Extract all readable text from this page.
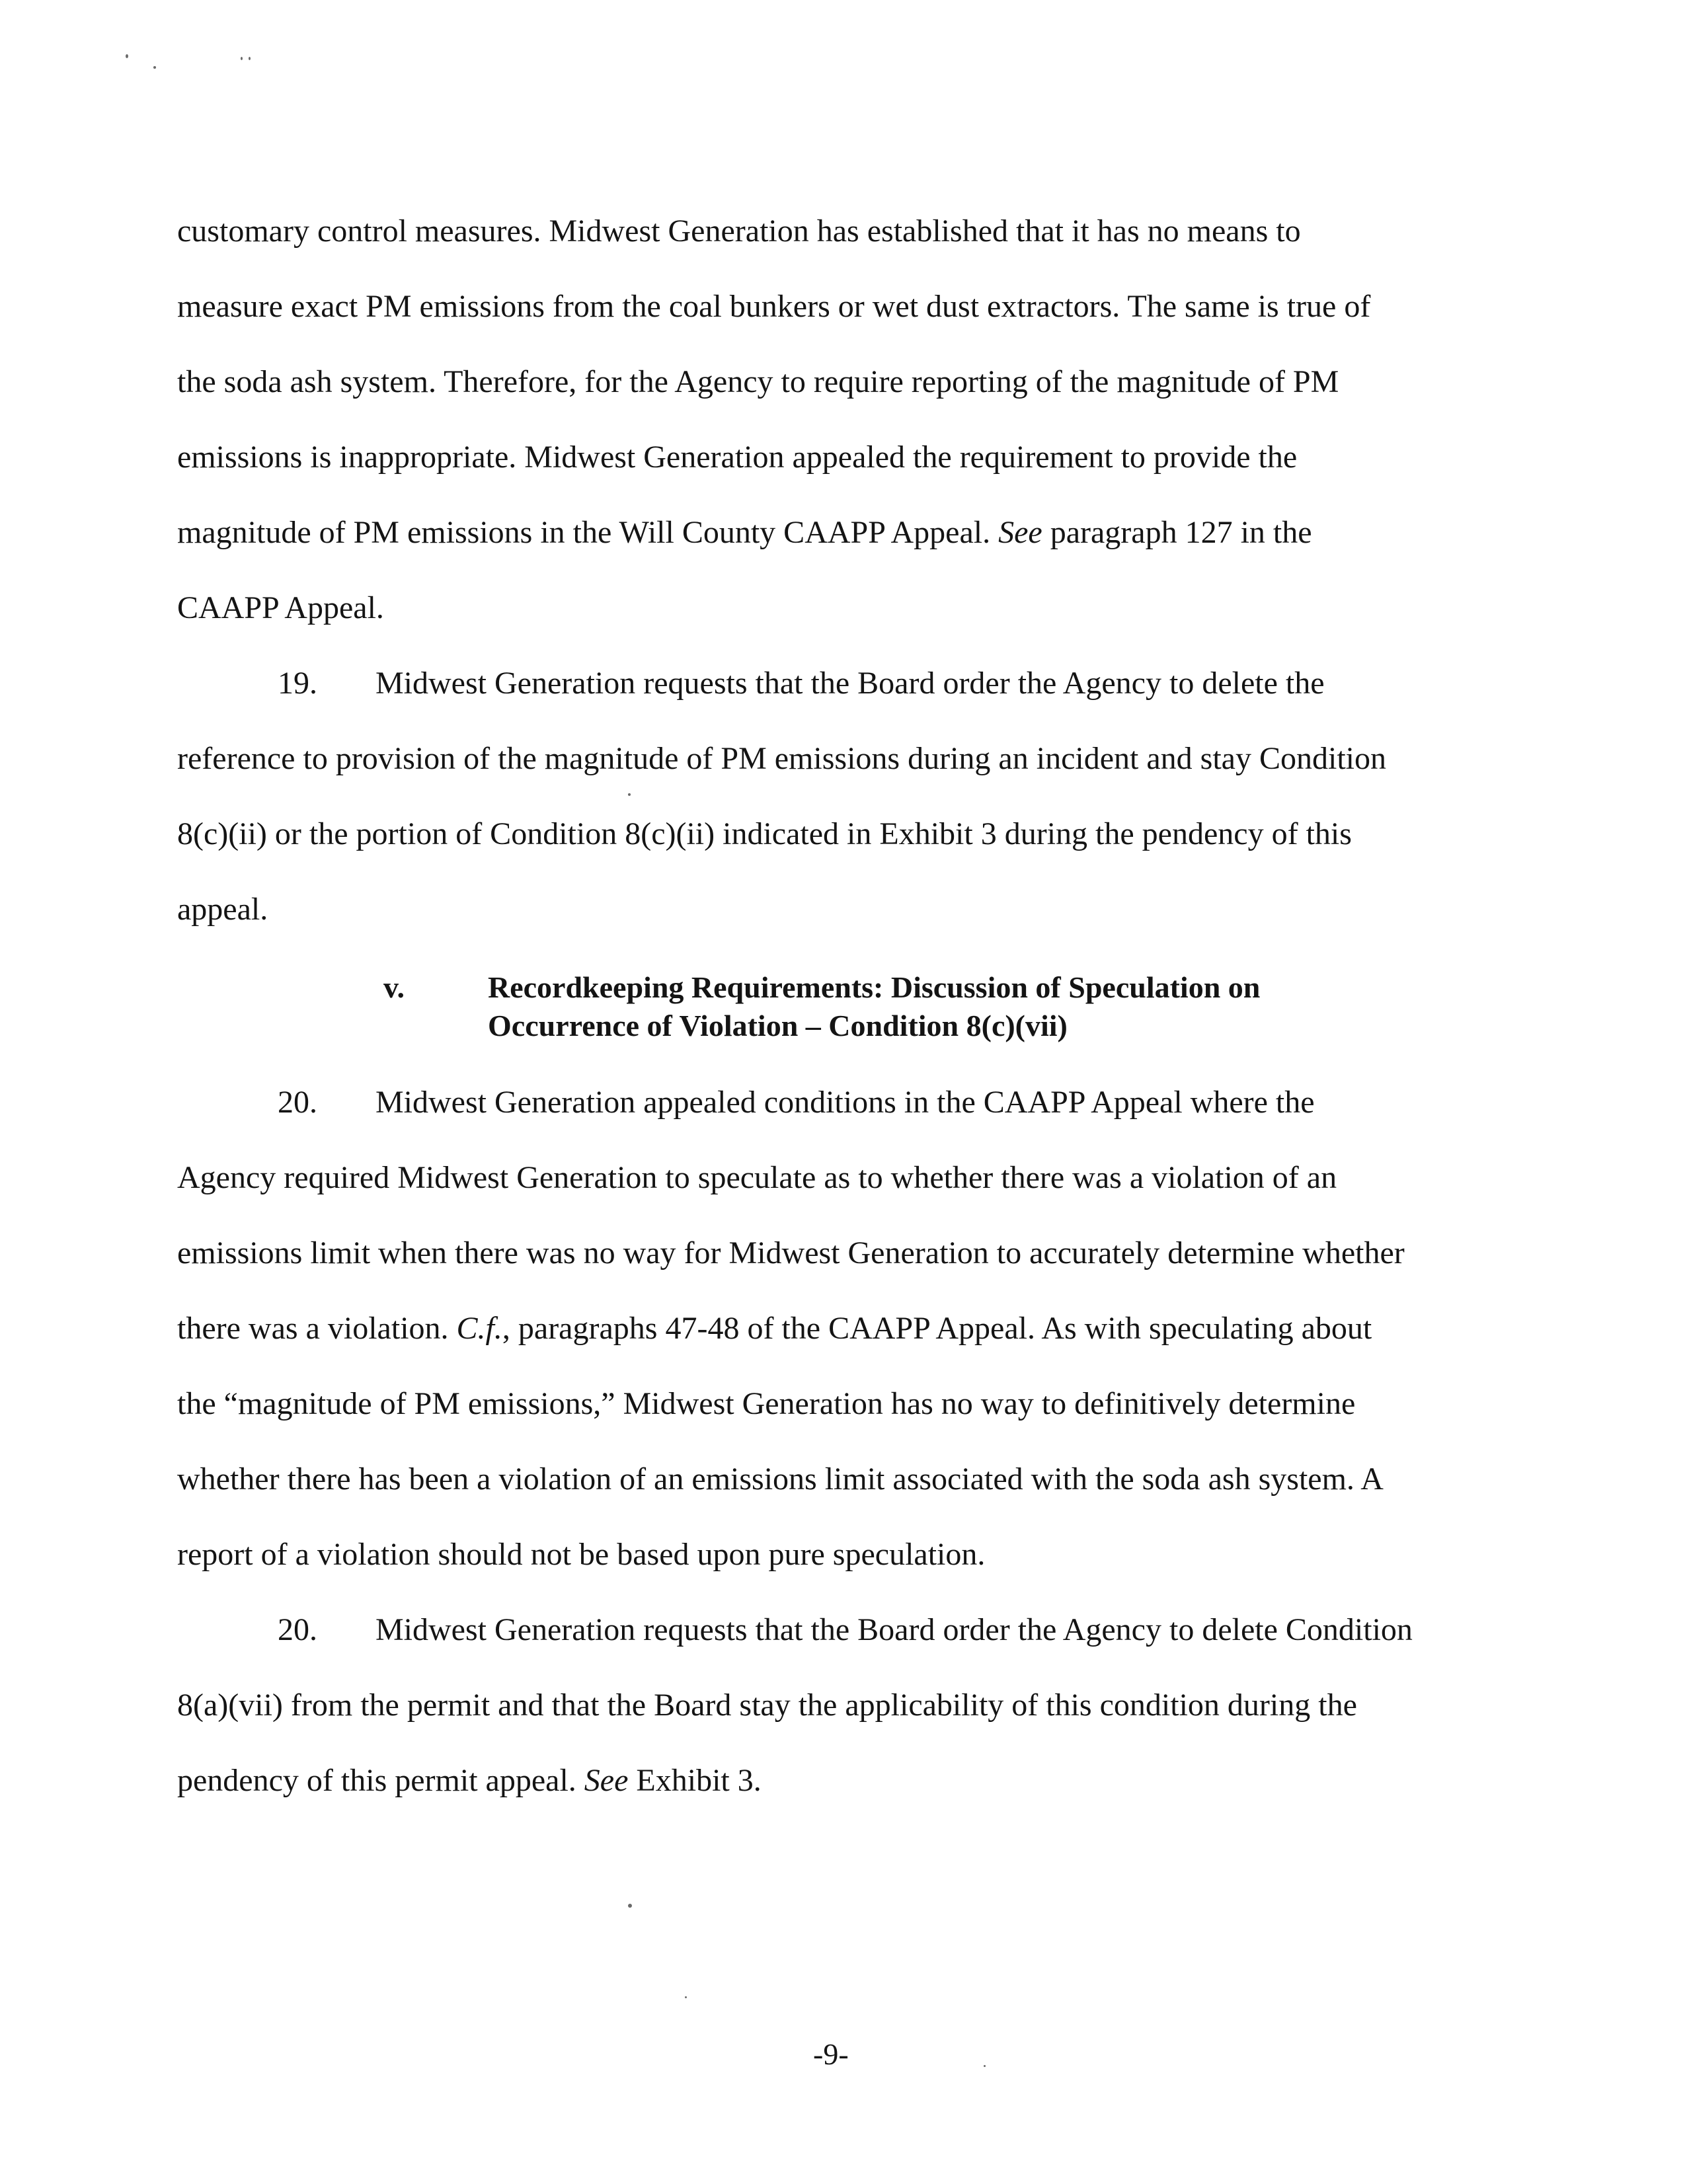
customary control measures. Midwest Generation has established that it has no means to
measure exact PM emissions from the coal bunkers or wet dust extractors. The same is true of
the soda ash system. Therefore, for the Agency to require reporting of the magnitude of PM
emissions is inappropriate. Midwest Generation appealed the requirement to provide the
magnitude of PM emissions in the Will County CAAPP Appeal. See paragraph 127 in the
CAAPP Appeal.
19. Midwest Generation requests that the Board order the Agency to delete the
reference to provision of the magnitude of PM emissions during an incident and stay Condition
8(c)(ii) or the portion of Condition 8(c)(ii) indicated in Exhibit 3 during the pendency of this
appeal.
v.	Recordkeeping Requirements: Discussion of Speculation on
Occurrence of Violation – Condition 8(c)(vii)
20. Midwest Generation appealed conditions in the CAAPP Appeal where the
Agency required Midwest Generation to speculate as to whether there was a violation of an
emissions limit when there was no way for Midwest Generation to accurately determine whether
there was a violation. C.f., paragraphs 47-48 of the CAAPP Appeal. As with speculating about
the “magnitude of PM emissions,” Midwest Generation has no way to definitively determine
whether there has been a violation of an emissions limit associated with the soda ash system. A
report of a violation should not be based upon pure speculation.
20. Midwest Generation requests that the Board order the Agency to delete Condition
8(a)(vii) from the permit and that the Board stay the applicability of this condition during the
pendency of this permit appeal. See Exhibit 3.
-9-
